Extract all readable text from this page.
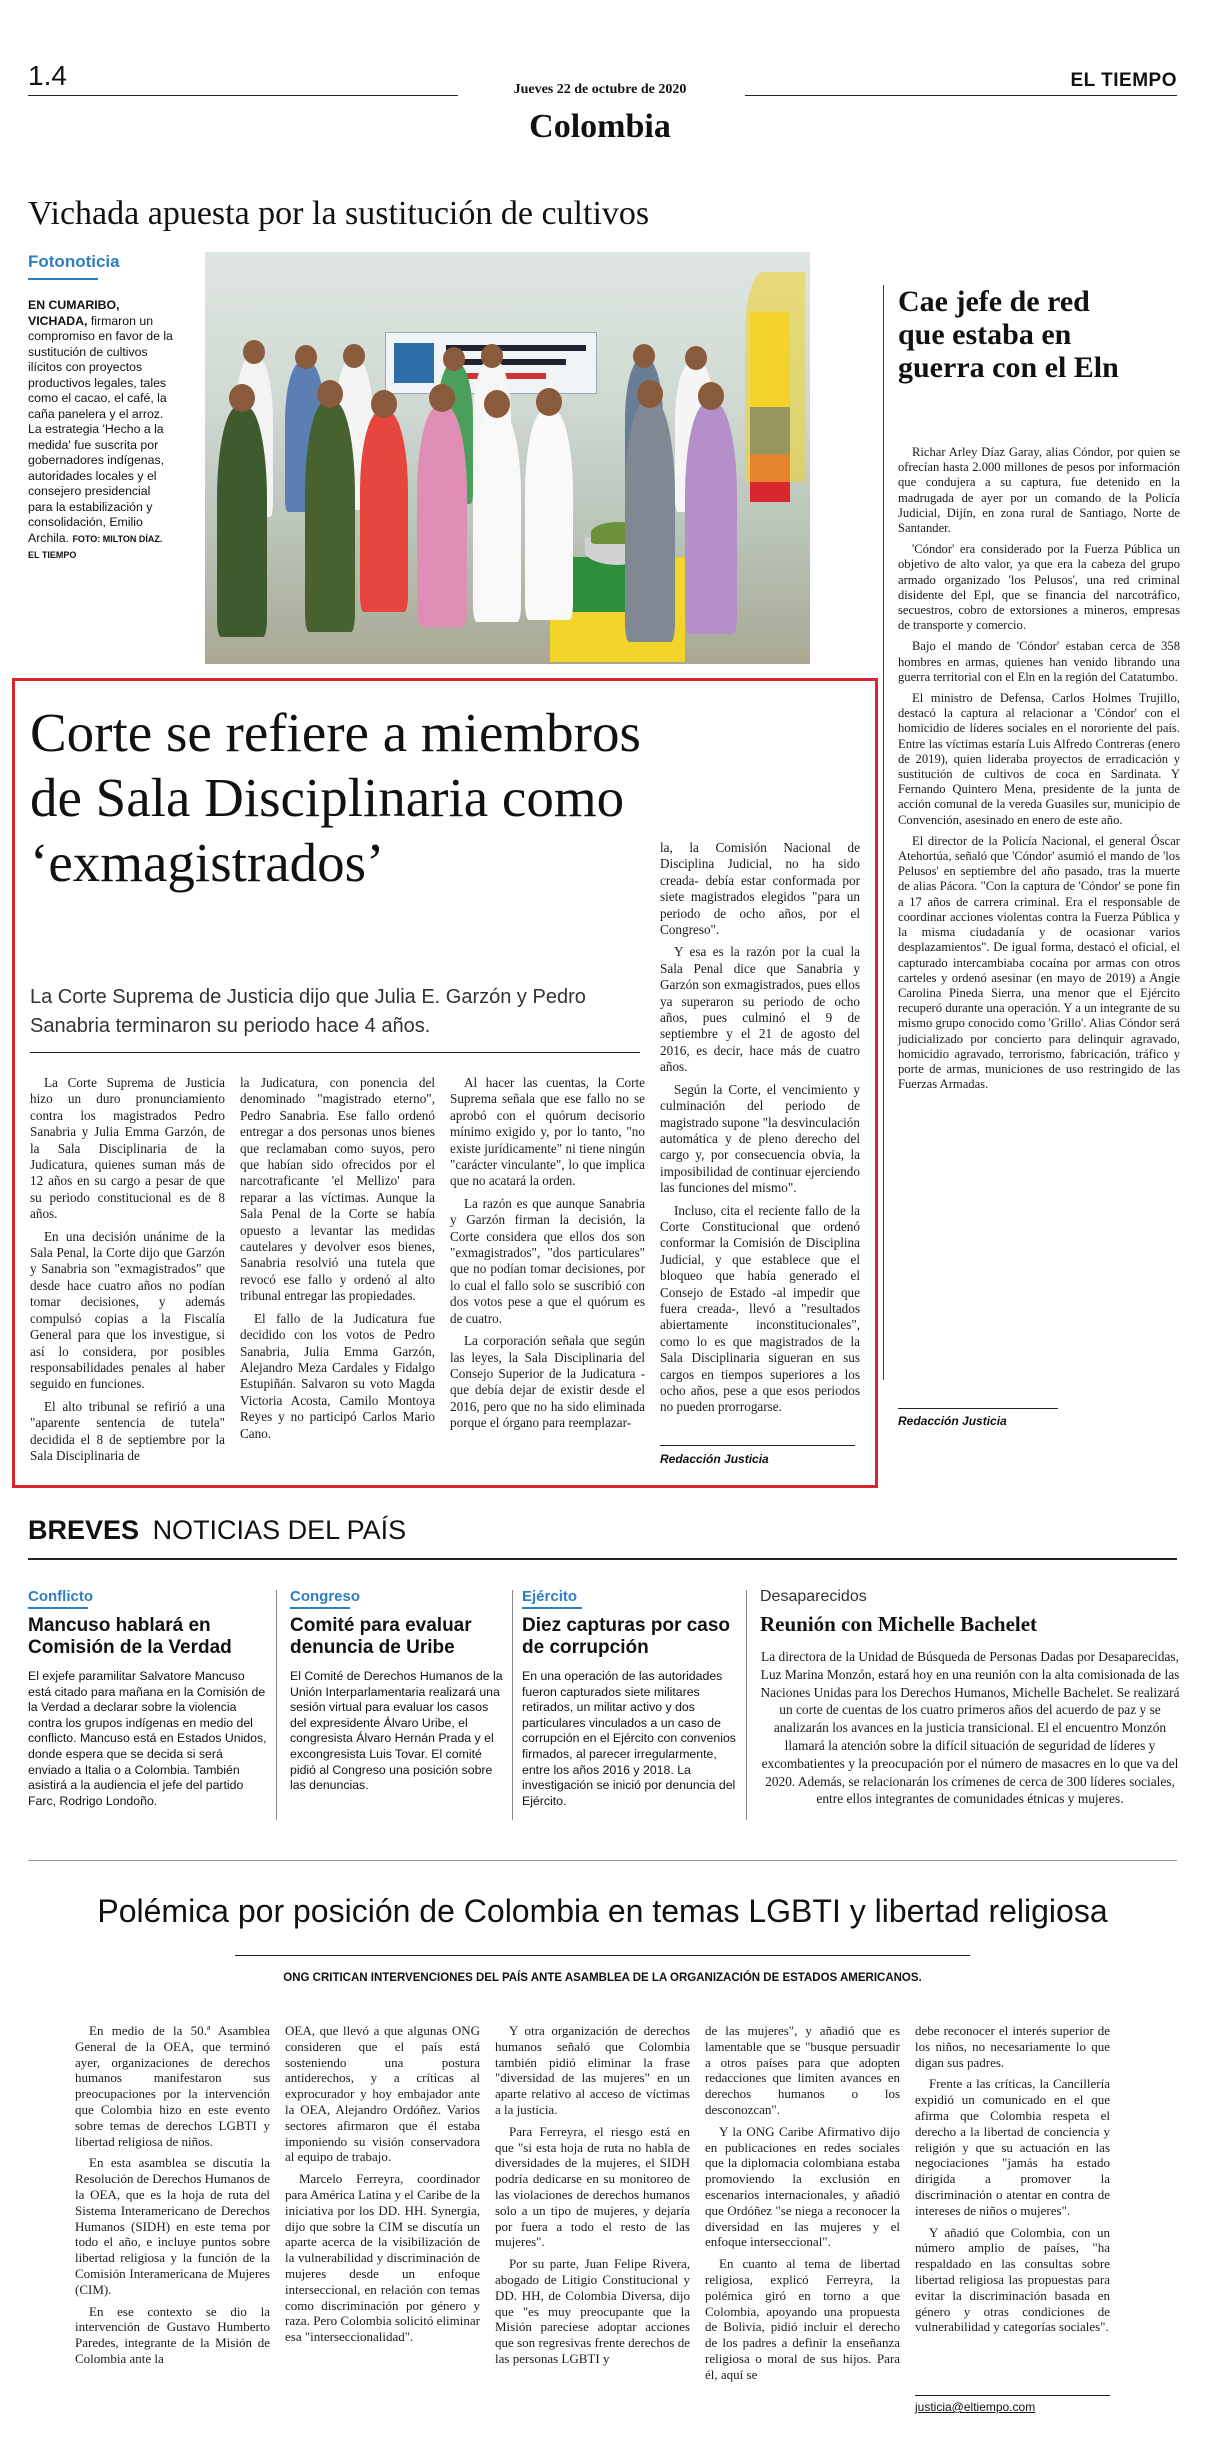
1.4	Jueves 22 de octubre de 2020
Colombia
EL TIEMPO
Vichada apuesta por la sustitución de cultivos
Fotonoticia
EN CUMARIBO, VICHADA, firmaron un compromiso en favor de la sustitución de cultivos ilícitos con proyectos productivos legales, tales como el cacao, el café, la caña panelera y el arroz. La estrategia 'Hecho a la medida' fue suscrita por gobernadores indígenas, autoridades locales y el consejero presidencial para la estabilización y consolidación, Emilio Archila. FOTO: MILTON DÍAZ. EL TIEMPO
Cae jefe de red que estaba en guerra con el Eln

Richar Arley Díaz Garay, alias Cóndor, por quien se ofrecían hasta 2.000 millones de pesos por información que condujera a su captura, fue detenido en la madrugada de ayer por un comando de la Policía Judicial, Dijín, en zona rural de Santiago, Norte de Santander.

'Cóndor' era considerado por la Fuerza Pública un objetivo de alto valor, ya que era la cabeza del grupo armado organizado 'los Pelusos', una red criminal disidente del Epl, que se financia del narcotráfico, secuestros, cobro de extorsiones a mineros, empresas de transporte y comercio.

Bajo el mando de 'Cóndor' estaban cerca de 358 hombres en armas, quienes han venido librando una guerra territorial con el Eln en la región del Catatumbo.

El ministro de Defensa, Carlos Holmes Trujillo, destacó la captura al relacionar a 'Cóndor' con el homicidio de líderes sociales en el nororiente del país. Entre las víctimas estaría Luis Alfredo Contreras (enero de 2019), quien lideraba proyectos de erradicación y sustitución de cultivos de coca en Sardinata. Y Fernando Quintero Mena, presidente de la junta de acción comunal de la vereda Guasiles sur, municipio de Convención, asesinado en enero de este año.

El director de la Policía Nacional, el general Óscar Atehortúa, señaló que 'Cóndor' asumió el mando de 'los Pelusos' en septiembre del año pasado, tras la muerte de alias Pácora. "Con la captura de 'Cóndor' se pone fin a 17 años de carrera criminal. Era el responsable de coordinar acciones violentas contra la Fuerza Pública y la misma ciudadanía y de ocasionar varios desplazamientos". De igual forma, destacó el oficial, el capturado intercambiaba cocaína por armas con otros carteles y ordenó asesinar (en mayo de 2019) a Angie Carolina Pineda Sierra, una menor que el Ejército recuperó durante una operación. Y a un integrante de su mismo grupo conocido como 'Grillo'. Alias Cóndor será judicializado por concierto para delinquir agravado, homicidio agravado, terrorismo, fabricación, tráfico y porte de armas, municiones de uso restringido de las Fuerzas Armadas.

Redacción Justicia
Corte se refiere a miembros de Sala Disciplinaria como ‘exmagistrados’
La Corte Suprema de Justicia dijo que Julia E. Garzón y Pedro Sanabria terminaron su periodo hace 4 años.

La Corte Suprema de Justicia hizo un duro pronunciamiento contra los magistrados Pedro Sanabria y Julia Emma Garzón, de la Sala Disciplinaria de la Judicatura, quienes suman más de 12 años en su cargo a pesar de que su periodo constitucional es de 8 años.

En una decisión unánime de la Sala Penal, la Corte dijo que Garzón y Sanabria son "exmagistrados" que desde hace cuatro años no podían tomar decisiones, y además compulsó copias a la Fiscalía General para que los investigue, si así lo considera, por posibles responsabilidades penales al haber seguido en funciones.

El alto tribunal se refirió a una "aparente sentencia de tutela" decidida el 8 de septiembre por la Sala Disciplinaria de

la Judicatura, con ponencia del denominado "magistrado eterno", Pedro Sanabria. Ese fallo ordenó entregar a dos personas unos bienes que reclamaban como suyos, pero que habían sido ofrecidos por el narcotraficante 'el Mellizo' para reparar a las víctimas. Aunque la Sala Penal de la Corte se había opuesto a levantar las medidas cautelares y devolver esos bienes, Sanabria resolvió una tutela que revocó ese fallo y ordenó al alto tribunal entregar las propiedades.

El fallo de la Judicatura fue decidido con los votos de Pedro Sanabria, Julia Emma Garzón, Alejandro Meza Cardales y Fidalgo Estupiñán. Salvaron su voto Magda Victoria Acosta, Camilo Montoya Reyes y no participó Carlos Mario Cano.

Al hacer las cuentas, la Corte Suprema señala que ese fallo no se aprobó con el quórum decisorio mínimo exigido y, por lo tanto, "no existe jurídicamente" ni tiene ningún "carácter vinculante", lo que implica que no acatará la orden.

La razón es que aunque Sanabria y Garzón firman la decisión, la Corte considera que ellos dos son "exmagistrados", "dos particulares" que no podían tomar decisiones, por lo cual el fallo solo se suscribió con dos votos pese a que el quórum es de cuatro.

La corporación señala que según las leyes, la Sala Disciplinaria del Consejo Superior de la Judicatura -que debía dejar de existir desde el 2016, pero que no ha sido eliminada porque el órgano para reemplazar-

la, la Comisión Nacional de Disciplina Judicial, no ha sido creada- debía estar conformada por siete magistrados elegidos "para un periodo de ocho años, por el Congreso".

Y esa es la razón por la cual la Sala Penal dice que Sanabria y Garzón son exmagistrados, pues ellos ya superaron su periodo de ocho años, pues culminó el 9 de septiembre y el 21 de agosto del 2016, es decir, hace más de cuatro años.

Según la Corte, el vencimiento y culminación del periodo de magistrado supone "la desvinculación automática y de pleno derecho del cargo y, por consecuencia obvia, la imposibilidad de continuar ejerciendo las funciones del mismo".

Incluso, cita el reciente fallo de la Corte Constitucional que ordenó conformar la Comisión de Disciplina Judicial, y que establece que el bloqueo que había generado el Consejo de Estado -al impedir que fuera creada-, llevó a "resultados abiertamente inconstitucionales", como lo es que magistrados de la Sala Disciplinaria sigueran en sus cargos en tiempos superiores a los ocho años, pese a que esos periodos no pueden prorrogarse.

Redacción Justicia
BREVES NOTICIAS DEL PAÍS
Conflicto
Mancuso hablará en Comisión de la Verdad
El exjefe paramilitar Salvatore Mancuso está citado para mañana en la Comisión de la Verdad a declarar sobre la violencia contra los grupos indígenas en medio del conflicto. Mancuso está en Estados Unidos, donde espera que se decida si será enviado a Italia o a Colombia. También asistirá a la audiencia el jefe del partido Farc, Rodrigo Londoño.
Congreso
Comité para evaluar denuncia de Uribe
El Comité de Derechos Humanos de la Unión Interparlamentaria realizará una sesión virtual para evaluar los casos del expresidente Álvaro Uribe, el congresista Álvaro Hernán Prada y el excongresista Luis Tovar. El comité pidió al Congreso una posición sobre las denuncias.
Ejército
Diez capturas por caso de corrupción
En una operación de las autoridades fueron capturados siete militares retirados, un militar activo y dos particulares vinculados a un caso de corrupción en el Ejército con convenios firmados, al parecer irregularmente, entre los años 2016 y 2018. La investigación se inició por denuncia del Ejército.
Desaparecidos
Reunión con Michelle Bachelet
La directora de la Unidad de Búsqueda de Personas Dadas por Desaparecidas, Luz Marina Monzón, estará hoy en una reunión con la alta comisionada de las Naciones Unidas para los Derechos Humanos, Michelle Bachelet. Se realizará un corte de cuentas de los cuatro primeros años del acuerdo de paz y se analizarán los avances en la justicia transicional. El el encuentro Monzón llamará la atención sobre la difícil situación de seguridad de líderes y excombatientes y la preocupación por el número de masacres en lo que va del 2020. Además, se relacionarán los crímenes de cerca de 300 líderes sociales, entre ellos integrantes de comunidades étnicas y mujeres.
Polémica por posición de Colombia en temas LGBTI y libertad religiosa
ONG CRITICAN INTERVENCIONES DEL PAÍS ANTE ASAMBLEA DE LA ORGANIZACIÓN DE ESTADOS AMERICANOS.

En medio de la 50.ª Asamblea General de la OEA, que terminó ayer, organizaciones de derechos humanos manifestaron sus preocupaciones por la intervención que Colombia hizo en este evento sobre temas de derechos LGBTI y libertad religiosa de niños.

En esta asamblea se discutía la Resolución de Derechos Humanos de la OEA, que es la hoja de ruta del Sistema Interamericano de Derechos Humanos (SIDH) en este tema por todo el año, e incluye puntos sobre libertad religiosa y la función de la Comisión Interamericana de Mujeres (CIM).

En ese contexto se dio la intervención de Gustavo Humberto Paredes, integrante de la Misión de Colombia ante la

OEA, que llevó a que algunas ONG consideren que el país está sosteniendo una postura antiderechos, y a críticas al exprocurador y hoy embajador ante la OEA, Alejandro Ordóñez. Varios sectores afirmaron que él estaba imponiendo su visión conservadora al equipo de trabajo.

Marcelo Ferreyra, coordinador para América Latina y el Caribe de la iniciativa por los DD. HH. Synergia, dijo que sobre la CIM se discutía un aparte acerca de la visibilización de la vulnerabilidad y discriminación de mujeres desde un enfoque interseccional, en relación con temas como discriminación por género y raza. Pero Colombia solicitó eliminar esa "interseccionalidad".

Y otra organización de derechos humanos señaló que Colombia también pidió eliminar la frase "diversidad de las mujeres" en un aparte relativo al acceso de víctimas a la justicia.

Para Ferreyra, el riesgo está en que "si esta hoja de ruta no habla de diversidades de la mujeres, el SIDH podría dedicarse en su monitoreo de las violaciones de derechos humanos solo a un tipo de mujeres, y dejaría por fuera a todo el resto de las mujeres".

Por su parte, Juan Felipe Rivera, abogado de Litigio Constitucional y DD. HH, de Colombia Diversa, dijo que "es muy preocupante que la Misión pareciese adoptar acciones que son regresivas frente derechos de las personas LGBTI y

de las mujeres", y añadió que es lamentable que se "busque persuadir a otros países para que adopten redacciones que limiten avances en derechos humanos o los desconozcan".

Y la ONG Caribe Afirmativo dijo en publicaciones en redes sociales que la diplomacia colombiana estaba promoviendo la exclusión en escenarios internacionales, y añadió que Ordóñez "se niega a reconocer la diversidad en las mujeres y el enfoque interseccional".

En cuanto al tema de libertad religiosa, explicó Ferreyra, la polémica giró en torno a que Colombia, apoyando una propuesta de Bolivia, pidió incluir el derecho de los padres a definir la enseñanza religiosa o moral de sus hijos. Para él, aquí se

debe reconocer el interés superior de los niños, no necesariamente lo que digan sus padres.

Frente a las críticas, la Cancillería expidió un comunicado en el que afirma que Colombia respeta el derecho a la libertad de conciencia y religión y que su actuación en las negociaciones "jamás ha estado dirigida a promover la discriminación o atentar en contra de intereses de niños o mujeres".

Y añadió que Colombia, con un número amplio de países, "ha respaldado en las consultas sobre libertad religiosa las propuestas para evitar la discriminación basada en género y otras condiciones de vulnerabilidad y categorías sociales".

justicia@eltiempo.com
